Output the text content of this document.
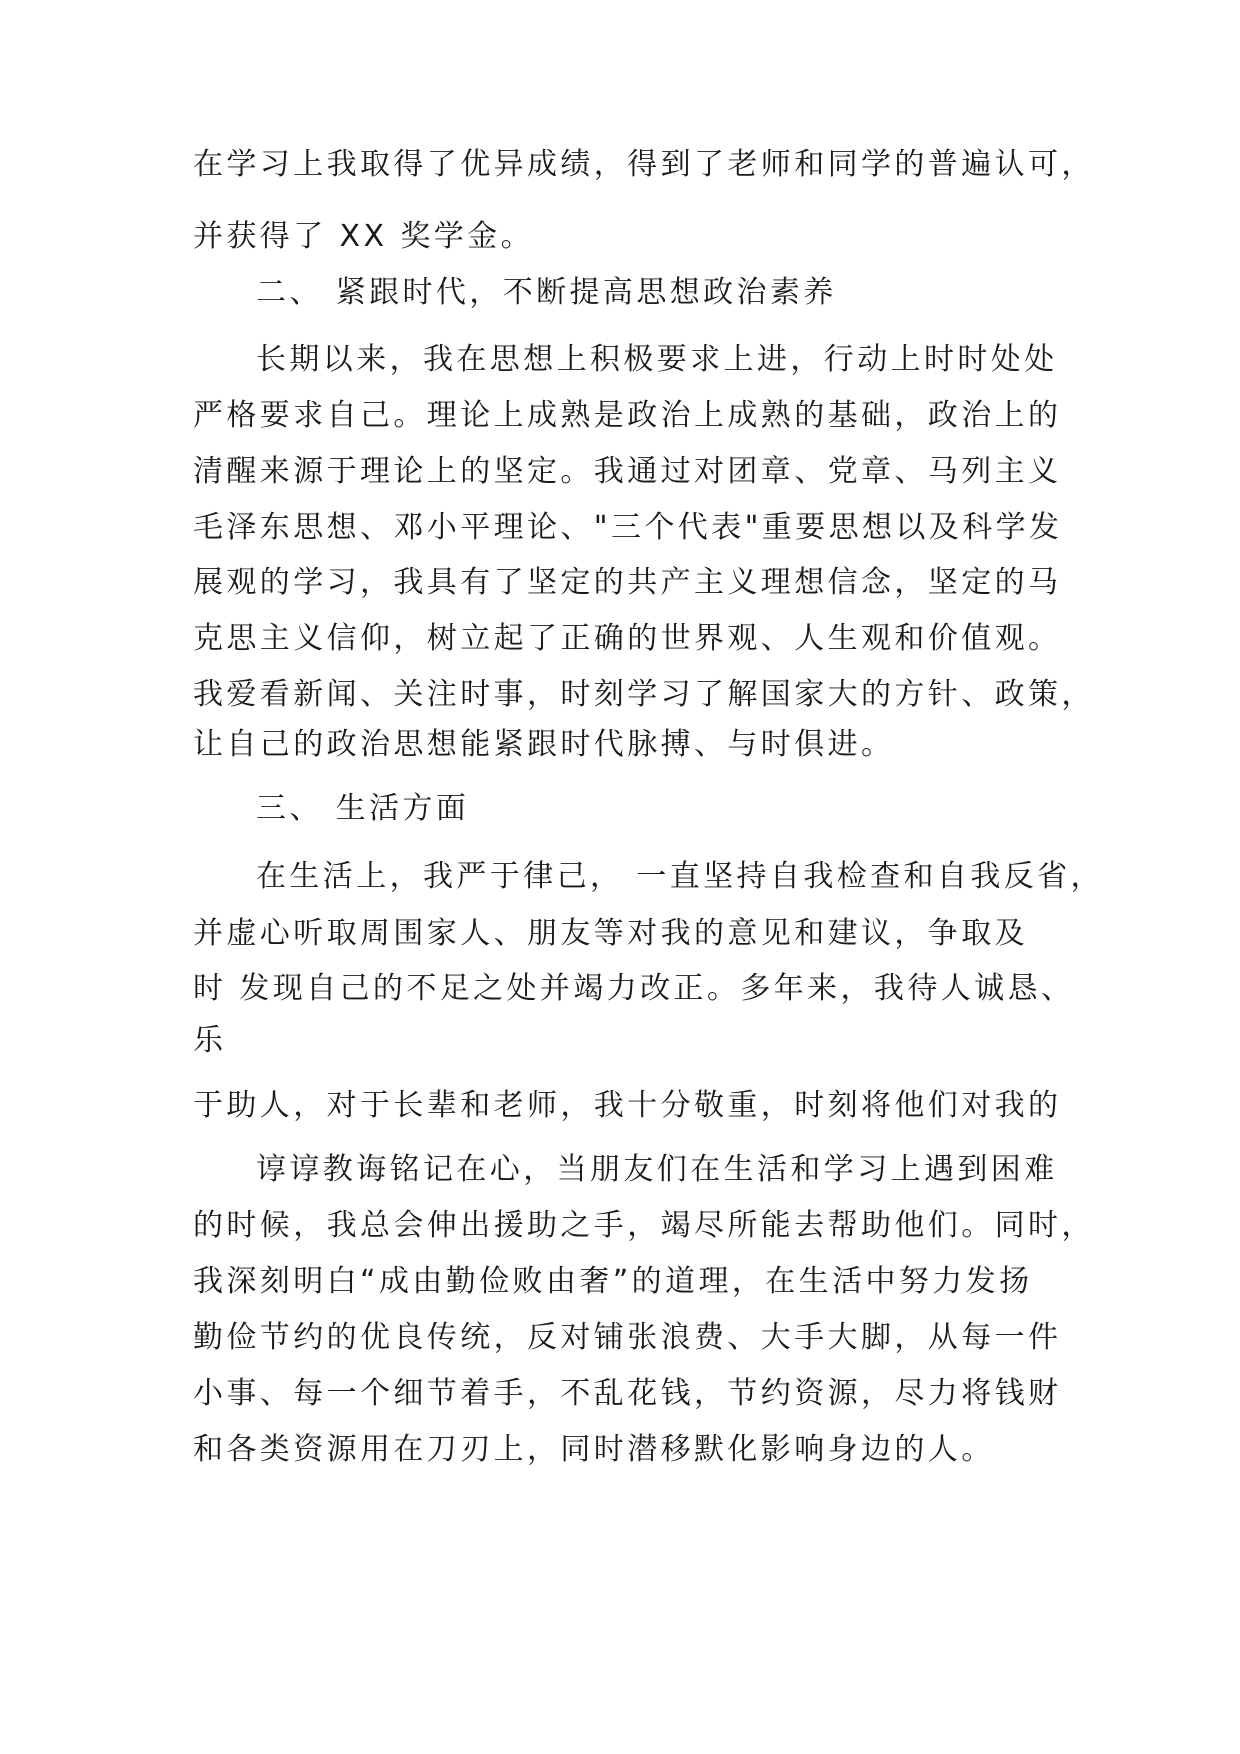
在学习上我取得了优异成绩，得到了老师和同学的普遍认可，
并获得了 XX 奖学金。
二、 紧跟时代，不断提高思想政治素养
长期以来，我在思想上积极要求上进，行动上时时处处
严格要求自己。理论上成熟是政治上成熟的基础，政治上的
清醒来源于理论上的坚定。我通过对团章、党章、马列主义
毛泽东思想、邓小平理论、"三个代表"重要思想以及科学发
展观的学习，我具有了坚定的共产主义理想信念，坚定的马
克思主义信仰，树立起了正确的世界观、人生观和价值观。
我爱看新闻、关注时事，时刻学习了解国家大的方针、政策，
让自己的政治思想能紧跟时代脉搏、与时俱进。
三、 生活方面
在生活上，我严于律己， 一直坚持自我检查和自我反省，
并虚心听取周围家人、朋友等对我的意见和建议，争取及
时 发现自己的不足之处并竭力改正。多年来，我待人诚恳、
乐
于助人，对于长辈和老师，我十分敬重，时刻将他们对我的
谆谆教诲铭记在心，当朋友们在生活和学习上遇到困难
的时候，我总会伸出援助之手，竭尽所能去帮助他们。同时，
我深刻明白“成由勤俭败由奢”的道理，在生活中努力发扬
勤俭节约的优良传统，反对铺张浪费、大手大脚，从每一件
小事、每一个细节着手，不乱花钱，节约资源，尽力将钱财
和各类资源用在刀刃上，同时潜移默化影响身边的人。
